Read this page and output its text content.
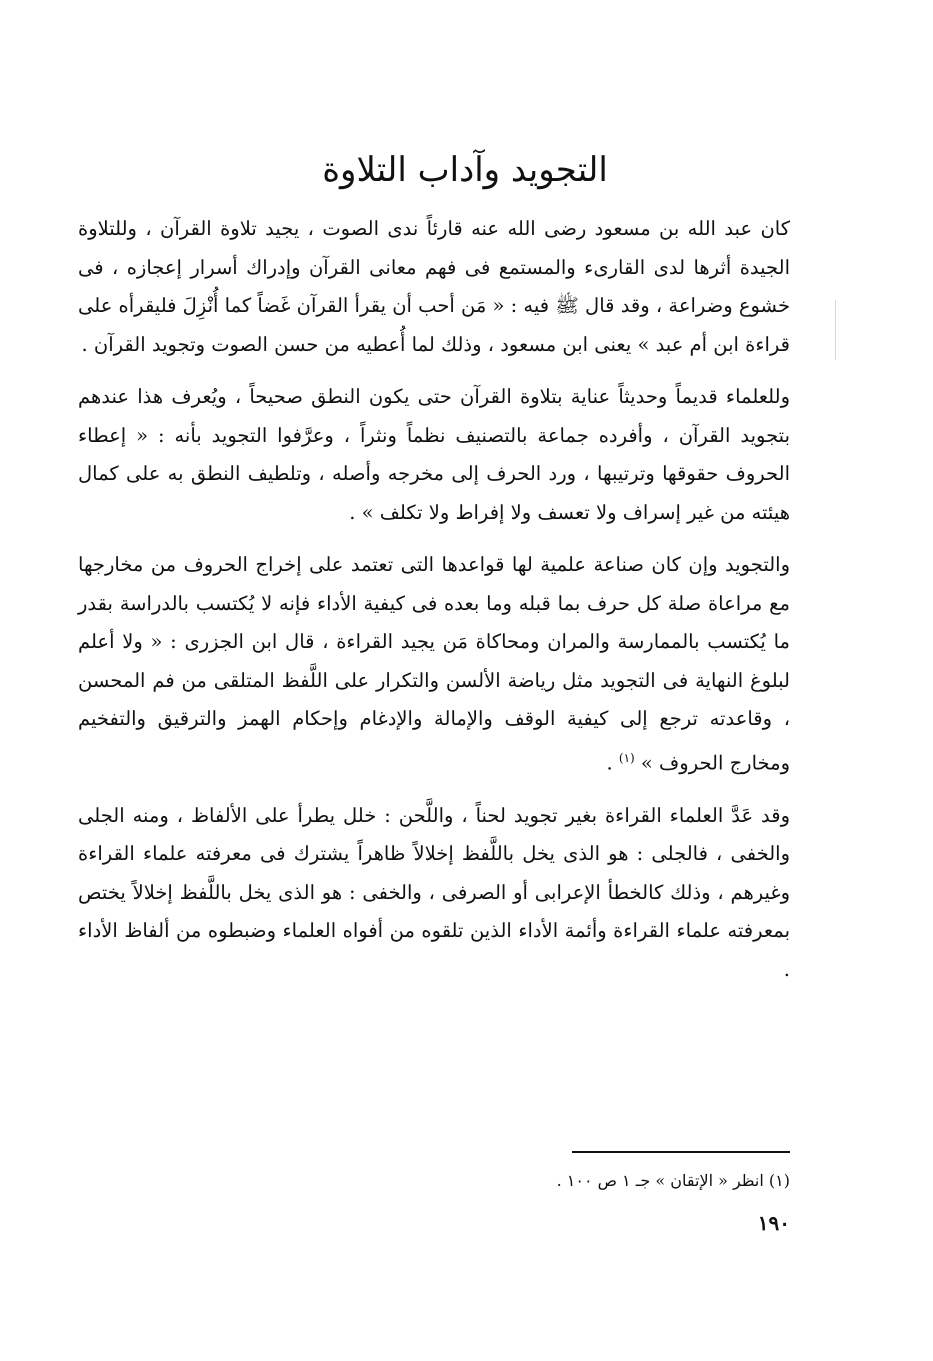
التجويد وآداب التلاوة

كان عبد الله بن مسعود رضى الله عنه قارئاً ندى الصوت ، يجيد تلاوة القرآن ، وللتلاوة الجيدة أثرها لدى القارىء والمستمع فى فهم معانى القرآن وإدراك أسرار إعجازه ، فى خشوع وضراعة ، وقد قال ﷺ فيه : « مَن أحب أن يقرأ القرآن غَضاً كما أُنْزِلَ فليقرأه على قراءة ابن أم عبد » يعنى ابن مسعود ، وذلك لما أُعطيه من حسن الصوت وتجويد القرآن .

وللعلماء قديماً وحديثاً عناية بتلاوة القرآن حتى يكون النطق صحيحاً ، ويُعرف هذا عندهم بتجويد القرآن ، وأفرده جماعة بالتصنيف نظماً ونثراً ، وعرَّفوا التجويد بأنه : « إعطاء الحروف حقوقها وترتيبها ، ورد الحرف إلى مخرجه وأصله ، وتلطيف النطق به على كمال هيئته من غير إسراف ولا تعسف ولا إفراط ولا تكلف » .

والتجويد وإن كان صناعة علمية لها قواعدها التى تعتمد على إخراج الحروف من مخارجها مع مراعاة صلة كل حرف بما قبله وما بعده فى كيفية الأداء فإنه لا يُكتسب بالدراسة بقدر ما يُكتسب بالممارسة والمران ومحاكاة مَن يجيد القراءة ، قال ابن الجزرى : « ولا أعلم لبلوغ النهاية فى التجويد مثل رياضة الألسن والتكرار على اللَّفظ المتلقى من فم المحسن ، وقاعدته ترجع إلى كيفية الوقف والإمالة والإدغام وإحكام الهمز والترقيق والتفخيم ومخارج الحروف » $^{(١)}$ .

وقد عَدَّ العلماء القراءة بغير تجويد لحناً ، واللَّحن : خلل يطرأ على الألفاظ ، ومنه الجلى والخفى ، فالجلى : هو الذى يخل باللَّفظ إخلالاً ظاهراً يشترك فى معرفته علماء القراءة وغيرهم ، وذلك كالخطأ الإعرابى أو الصرفى ، والخفى : هو الذى يخل باللَّفظ إخلالاً يختص بمعرفته علماء القراءة وأئمة الأداء الذين تلقوه من أفواه العلماء وضبطوه من ألفاظ الأداء .

(١) انظر « الإتقان » جـ ١ ص ١٠٠ .
١٩٠
